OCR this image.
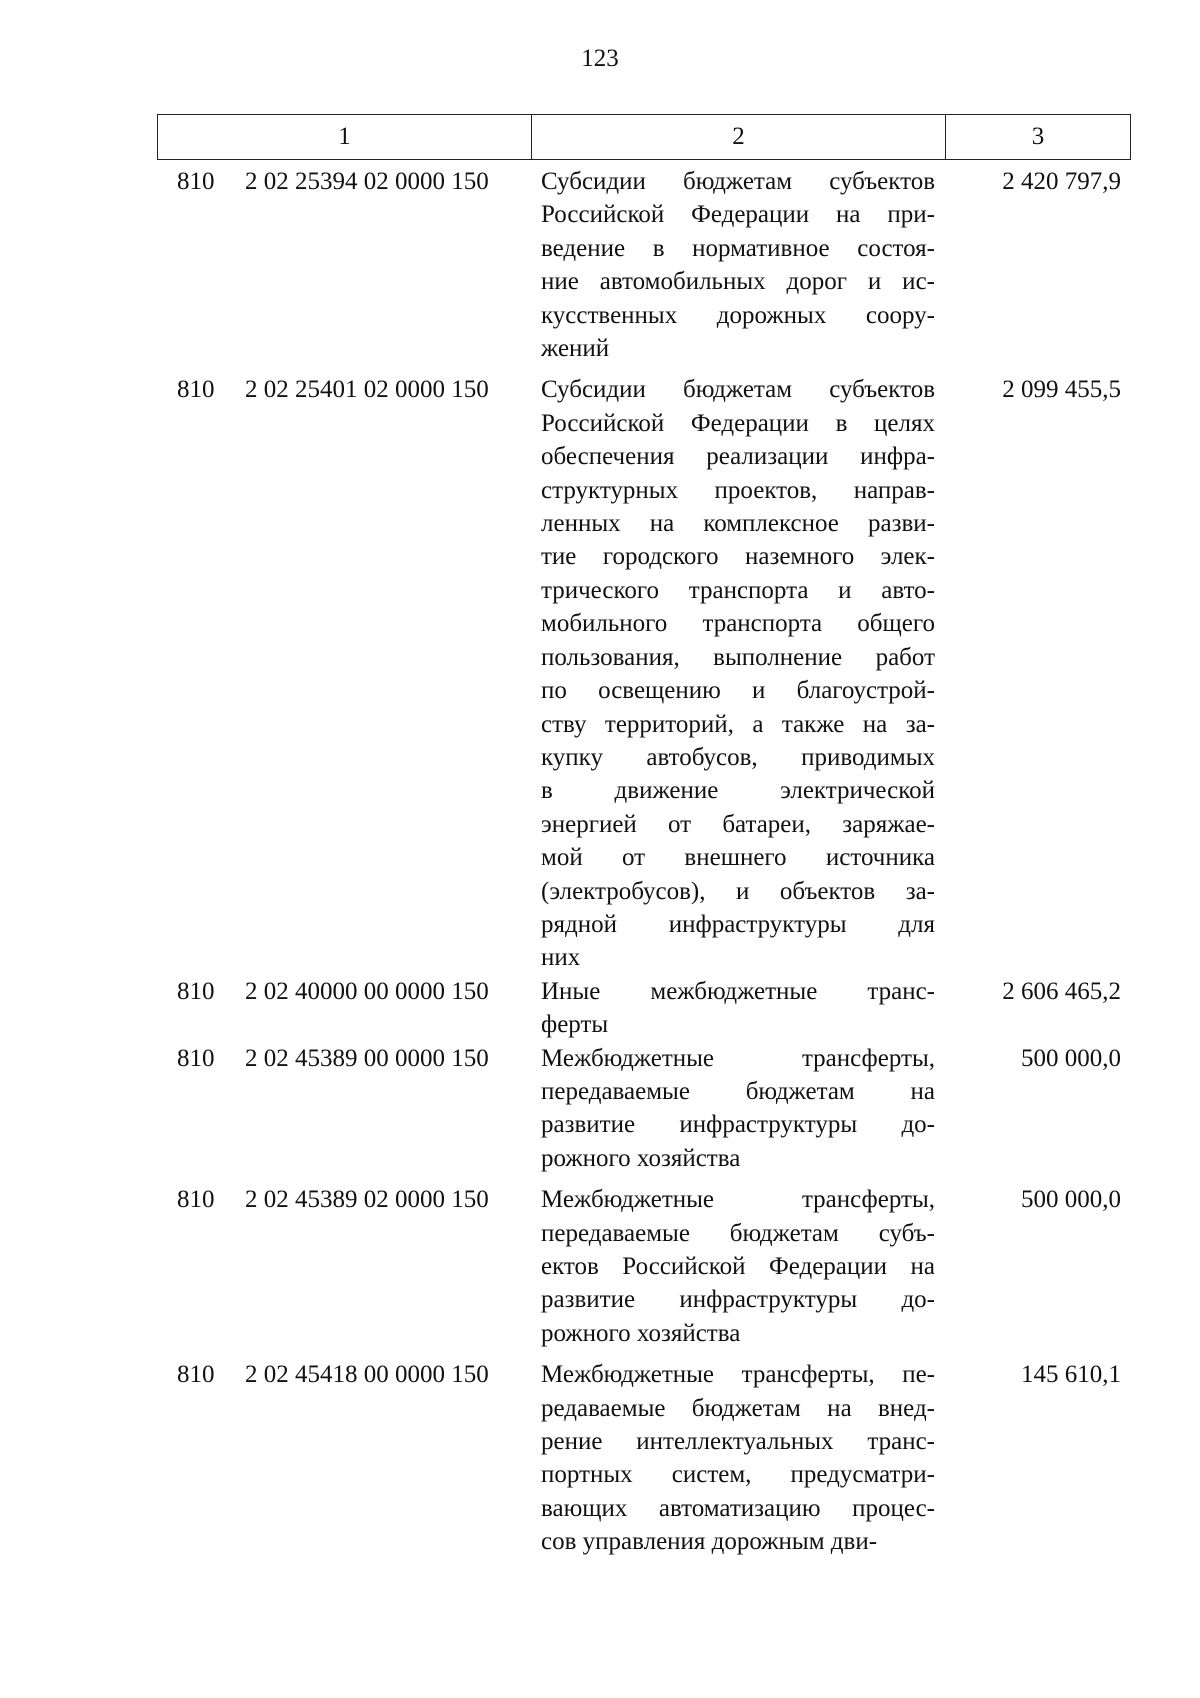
123
1	2	3
810 2 02 25394 02 0000 150 Субсидии бюджетам субъектов
Российской Федерации на при-
ведение в нормативное состоя-
ние автомобильных дорог и ис-
кусственных дорожных соору-
жений
2 420 797,9
810 2 02 25401 02 0000 150 Субсидии бюджетам субъектов
Российской Федерации в целях
обеспечения реализации инфра-
структурных проектов, направ-
ленных на комплексное разви-
тие городского наземного элек-
трического транспорта и авто-
мобильного транспорта общего
пользования, выполнение работ
по освещению и благоустрой-
ству территорий, а также на за-
купку автобусов, приводимых
в движение электрической
энергией от батареи, заряжае-
мой от внешнего источника
(электробусов), и объектов за-
рядной инфраструктуры для
них
2 099 455,5
810 2 02 40000 00 0000 150 Иные межбюджетные транс-
ферты
2 606 465,2
810 2 02 45389 00 0000 150 Межбюджетные трансферты,
передаваемые бюджетам на
развитие инфраструктуры до-
рожного хозяйства
500 000,0
810 2 02 45389 02 0000 150 Межбюджетные трансферты,
передаваемые бюджетам субъ-
ектов Российской Федерации на
развитие инфраструктуры до-
рожного хозяйства
500 000,0
810 2 02 45418 00 0000 150 Межбюджетные трансферты, пе-
редаваемые бюджетам на внед-
рение интеллектуальных транс-
портных систем, предусматри-
вающих автоматизацию процес-
сов управления дорожным дви-
145 610,1
